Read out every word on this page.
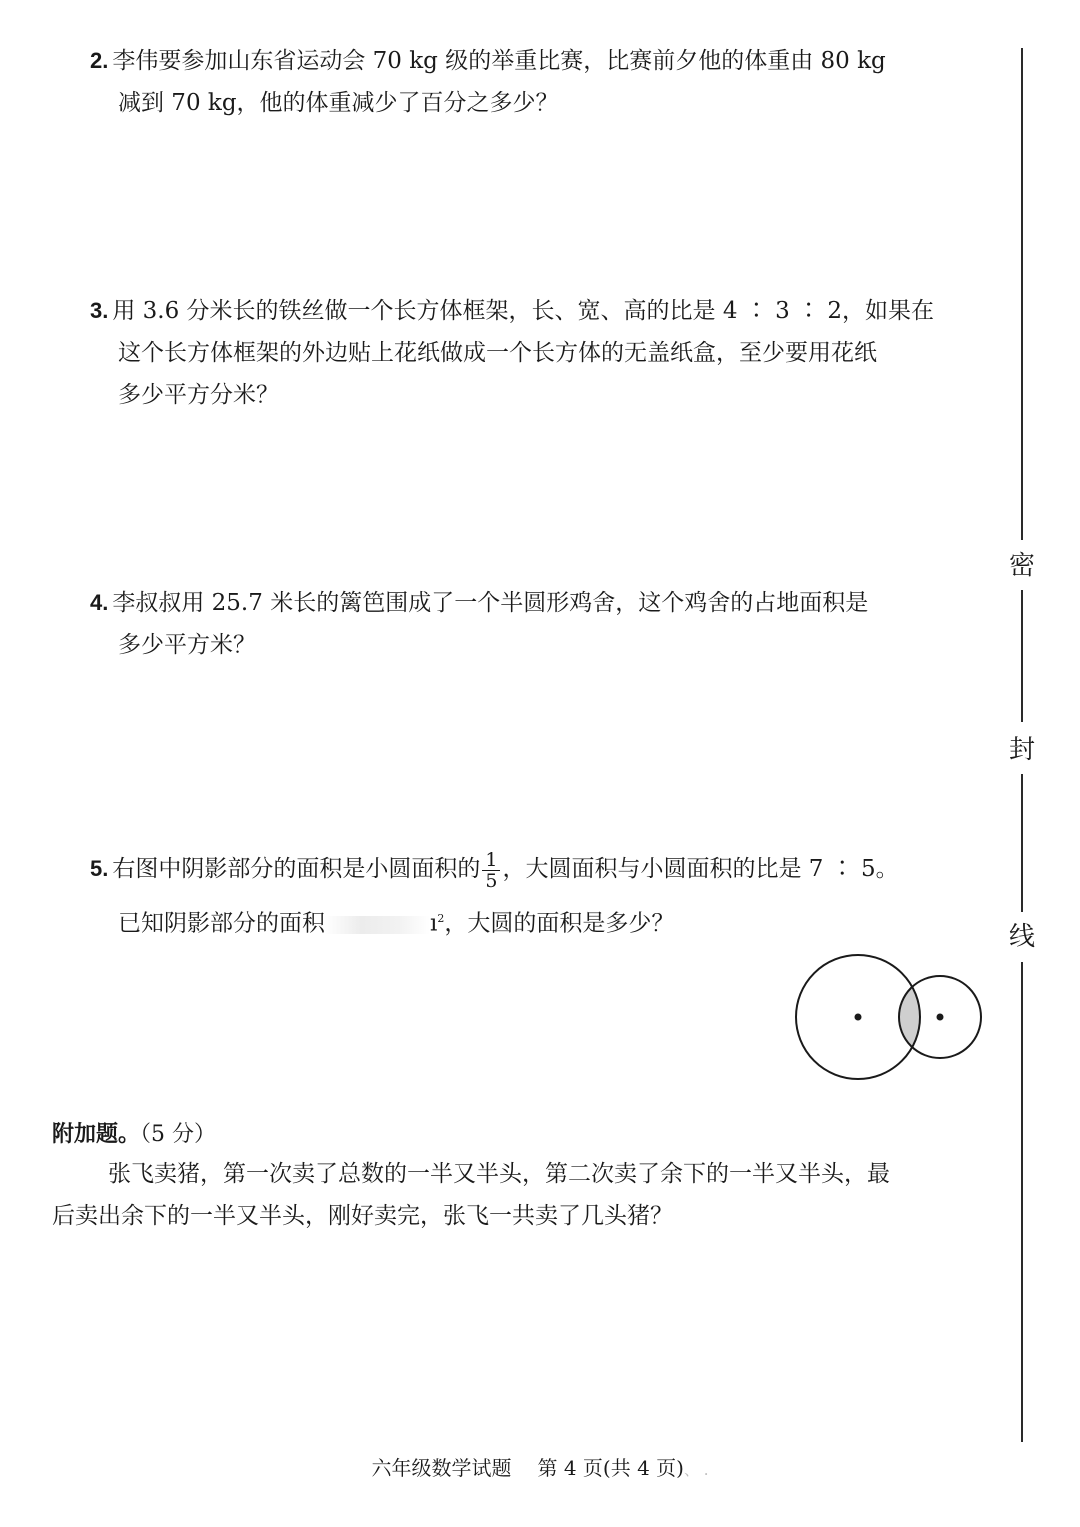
2. 李伟要参加山东省运动会 70 kg 级的举重比赛，比赛前夕他的体重由 80 kg
减到 70 kg，他的体重减少了百分之多少？
3. 用 3.6 分米长的铁丝做一个长方体框架，长、宽、高的比是 4 ∶ 3 ∶ 2，如果在
这个长方体框架的外边贴上花纸做成一个长方体的无盖纸盒，至少要用花纸
多少平方分米？
4. 李叔叔用 25.7 米长的篱笆围成了一个半圆形鸡舍，这个鸡舍的占地面积是
多少平方米？
5. 右图中阴影部分的面积是小圆面积的 $\frac{1}{5}$ ，大圆面积与小圆面积的比是 7 ∶ 5。
已知阴影部分的面积	$ı^2$，大圆的面积是多少？
附加题。（5 分）
张飞卖猪，第一次卖了总数的一半又半头，第二次卖了余下的一半又半头，最
后卖出余下的一半又半头，刚好卖完，张飞一共卖了几头猪？
密
封
线
六年级数学试题 第 4 页(共 4 页)、 .
